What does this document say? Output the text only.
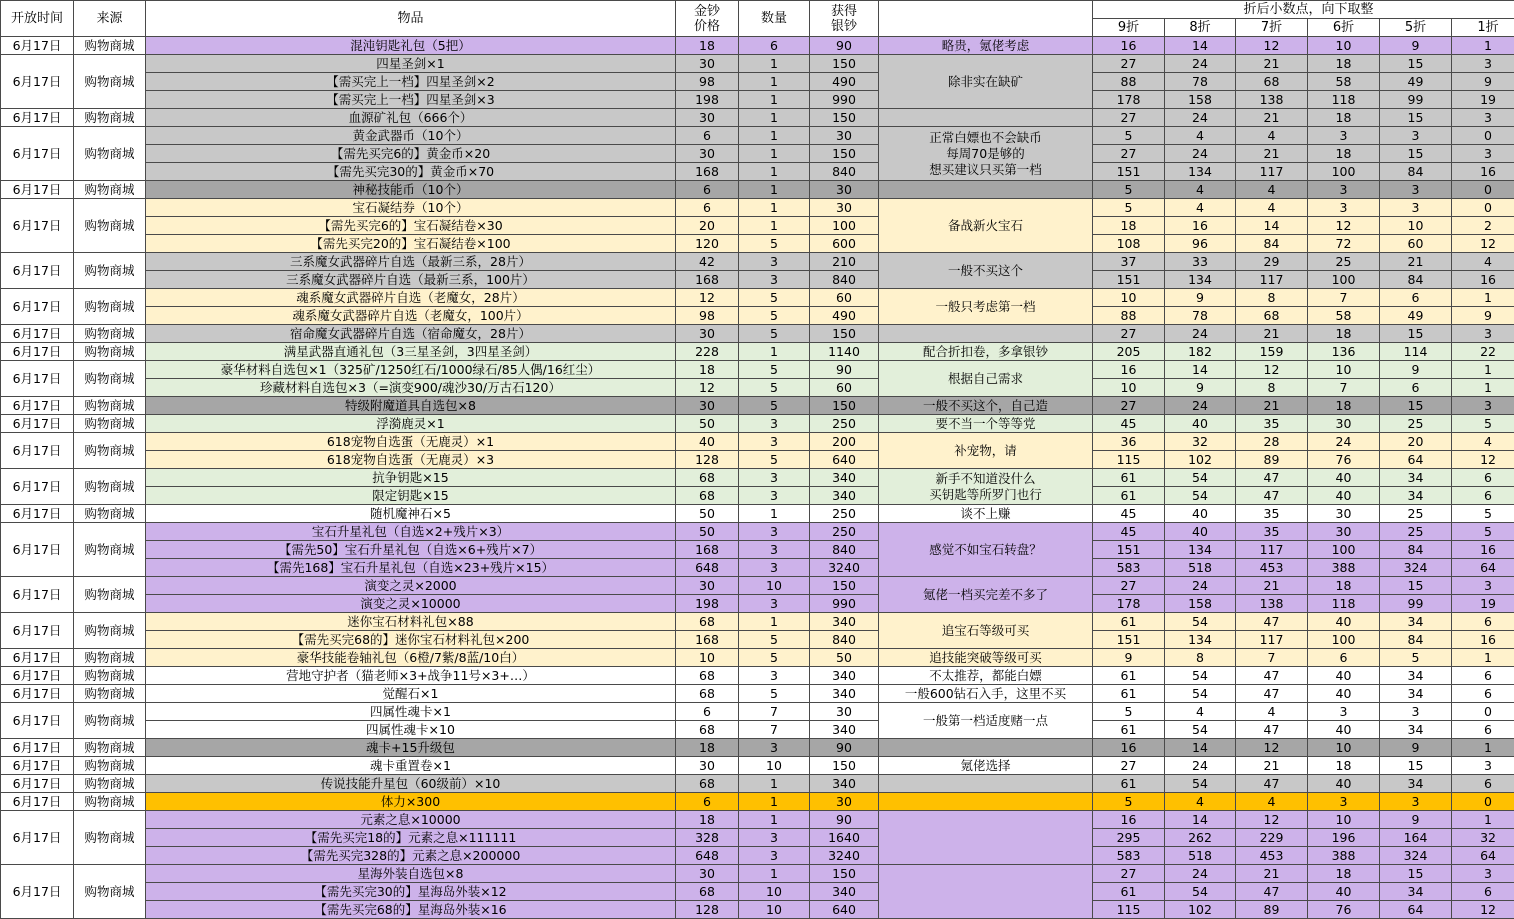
开放时间	来源	物品	金钞
价格	数量	获得
银钞		折后小数点，向下取整					
							9折	8折	7折	6折	5折	1折
6月17日	购物商城	混沌钥匙礼包（5把）	18	6	90	略贵，氪佬考虑	16	14	12	10	9	1
6月17日	购物商城	四星圣剑×1	30	1	150	除非实在缺矿	27	24	21	18	15	3
		【需买完上一档】四星圣剑×2	98	1	490		88	78	68	58	49	9
		【需买完上一档】四星圣剑×3	198	1	990		178	158	138	118	99	19
6月17日	购物商城	血源矿礼包（666个）	30	1	150		27	24	21	18	15	3
6月17日	购物商城	黄金武器币（10个）	6	1	30	正常白嫖也不会缺币
每周70是够的
想买建议只买第一档	5	4	4	3	3	0
		【需先买完6的】黄金币×20	30	1	150		27	24	21	18	15	3
		【需先买完30的】黄金币×70	168	1	840		151	134	117	100	84	16
6月17日	购物商城	神秘技能币（10个）	6	1	30		5	4	4	3	3	0
6月17日	购物商城	宝石凝结券（10个）	6	1	30	备战新火宝石	5	4	4	3	3	0
		【需先买完6的】宝石凝结卷×30	20	1	100		18	16	14	12	10	2
		【需先买完20的】宝石凝结卷×100	120	5	600		108	96	84	72	60	12
6月17日	购物商城	三系魔女武器碎片自选（最新三系，28片）	42	3	210	一般不买这个	37	33	29	25	21	4
		三系魔女武器碎片自选（最新三系，100片）	168	3	840		151	134	117	100	84	16
6月17日	购物商城	魂系魔女武器碎片自选（老魔女，28片）	12	5	60	一般只考虑第一档	10	9	8	7	6	1
		魂系魔女武器碎片自选（老魔女，100片）	98	5	490		88	78	68	58	49	9
6月17日	购物商城	宿命魔女武器碎片自选（宿命魔女，28片）	30	5	150		27	24	21	18	15	3
6月17日	购物商城	满星武器直通礼包（3三星圣剑，3四星圣剑）	228	1	1140	配合折扣卷，多拿银钞	205	182	159	136	114	22
6月17日	购物商城	豪华材料自选包×1（325矿/1250红石/1000绿石/85人偶/16红尘）	18	5	90	根据自己需求	16	14	12	10	9	1
		珍藏材料自选包×3（=演变900/魂沙30/万古石120）	12	5	60		10	9	8	7	6	1
6月17日	购物商城	特级附魔道具自选包×8	30	5	150	一般不买这个，自己造	27	24	21	18	15	3
6月17日	购物商城	浮漪鹿灵×1	50	3	250	要不当一个等等党	45	40	35	30	25	5
6月17日	购物商城	618宠物自选蛋（无鹿灵）×1	40	3	200	补宠物，请	36	32	28	24	20	4
		618宠物自选蛋（无鹿灵）×3	128	5	640		115	102	89	76	64	12
6月17日	购物商城	抗争钥匙×15	68	3	340	新手不知道没什么
买钥匙等所罗门也行	61	54	47	40	34	6
		限定钥匙×15	68	3	340		61	54	47	40	34	6
6月17日	购物商城	随机魔神石×5	50	1	250	谈不上赚	45	40	35	30	25	5
6月17日	购物商城	宝石升星礼包（自选×2+残片×3）	50	3	250	感觉不如宝石转盘？	45	40	35	30	25	5
		【需先50】宝石升星礼包（自选×6+残片×7）	168	3	840		151	134	117	100	84	16
		【需先168】宝石升星礼包（自选×23+残片×15）	648	3	3240		583	518	453	388	324	64
6月17日	购物商城	演变之灵×2000	30	10	150	氪佬一档买完差不多了	27	24	21	18	15	3
		演变之灵×10000	198	3	990		178	158	138	118	99	19
6月17日	购物商城	迷你宝石材料礼包×88	68	1	340	追宝石等级可买	61	54	47	40	34	6
		【需先买完68的】迷你宝石材料礼包×200	168	5	840		151	134	117	100	84	16
6月17日	购物商城	豪华技能卷轴礼包（6橙/7紫/8蓝/10白）	10	5	50	追技能突破等级可买	9	8	7	6	5	1
6月17日	购物商城	营地守护者（猫老师×3+战争11号×3+…）	68	3	340	不太推荐，都能白嫖	61	54	47	40	34	6
6月17日	购物商城	觉醒石×1	68	5	340	一般600钻石入手，这里不买	61	54	47	40	34	6
6月17日	购物商城	四属性魂卡×1	6	7	30	一般第一档适度赌一点	5	4	4	3	3	0
		四属性魂卡×10	68	7	340		61	54	47	40	34	6
6月17日	购物商城	魂卡+15升级包	18	3	90		16	14	12	10	9	1
6月17日	购物商城	魂卡重置卷×1	30	10	150	氪佬选择	27	24	21	18	15	3
6月17日	购物商城	传说技能升星包（60级前）×10	68	1	340		61	54	47	40	34	6
6月17日	购物商城	体力×300	6	1	30		5	4	4	3	3	0
6月17日	购物商城	元素之息×10000	18	1	90		16	14	12	10	9	1
		【需先买完18的】元素之息×111111	328	3	1640		295	262	229	196	164	32
		【需先买完328的】元素之息×200000	648	3	3240		583	518	453	388	324	64
6月17日	购物商城	星海外装自选包×8	30	1	150		27	24	21	18	15	3
		【需先买完30的】星海岛外装×12	68	10	340		61	54	47	40	34	6
		【需先买完68的】星海岛外装×16	128	10	640		115	102	89	76	64	12
